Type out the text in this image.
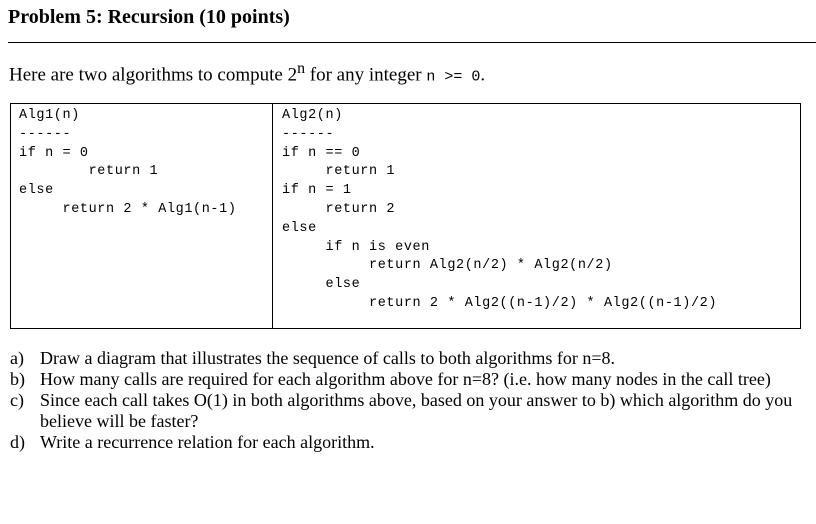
Problem 5: Recursion (10 points)
Here are two algorithms to compute 2$^n$ for any integer n >= 0.
Alg1(n)
------
if n = 0
return 1
else
return 2 * Alg1(n-1)
Alg2(n)
------
if n == 0
return 1
if n = 1
return 2
else
if n is even
return Alg2(n/2) * Alg2(n/2)
else
return 2 * Alg2((n-1)/2) * Alg2((n-1)/2)
a) Draw a diagram that illustrates the sequence of calls to both algorithms for n=8.
b) How many calls are required for each algorithm above for n=8? (i.e. how many nodes in the call tree)
c) Since each call takes O(1) in both algorithms above, based on your answer to b) which algorithm do you believe will be faster?
d) Write a recurrence relation for each algorithm.
